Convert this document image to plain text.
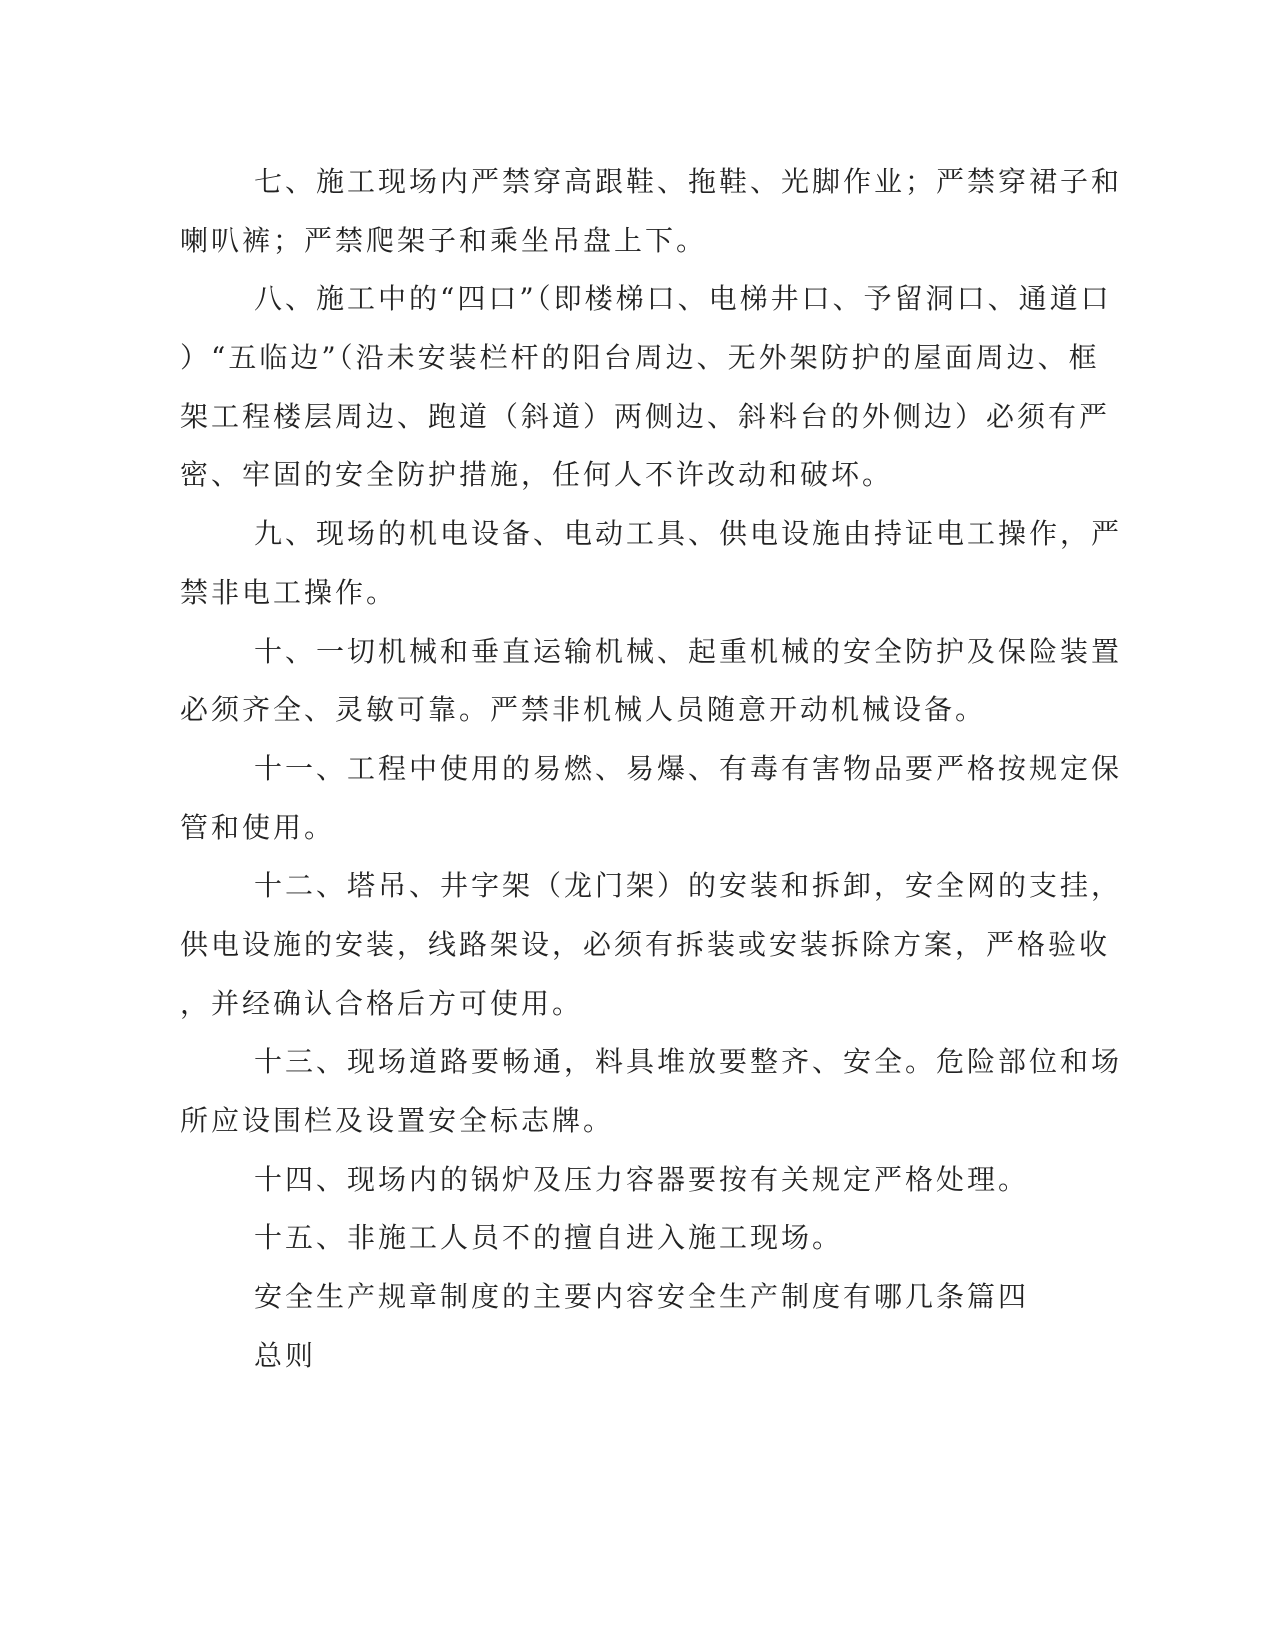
七、施工现场内严禁穿高跟鞋、拖鞋、光脚作业；严禁穿裙子和
喇叭裤；严禁爬架子和乘坐吊盘上下。
八、施工中的“四口”（即楼梯口、电梯井口、予留洞口、通道口
）“五临边”（沿未安装栏杆的阳台周边、无外架防护的屋面周边、框
架工程楼层周边、跑道（斜道）两侧边、斜料台的外侧边）必须有严
密、牢固的安全防护措施，任何人不许改动和破坏。
九、现场的机电设备、电动工具、供电设施由持证电工操作，严
禁非电工操作。
十、一切机械和垂直运输机械、起重机械的安全防护及保险装置
必须齐全、灵敏可靠。严禁非机械人员随意开动机械设备。
十一、工程中使用的易燃、易爆、有毒有害物品要严格按规定保
管和使用。
十二、塔吊、井字架（龙门架）的安装和拆卸，安全网的支挂，
供电设施的安装，线路架设，必须有拆装或安装拆除方案，严格验收
，并经确认合格后方可使用。
十三、现场道路要畅通，料具堆放要整齐、安全。危险部位和场
所应设围栏及设置安全标志牌。
十四、现场内的锅炉及压力容器要按有关规定严格处理。
十五、非施工人员不的擅自进入施工现场。
安全生产规章制度的主要内容安全生产制度有哪几条篇四
总则
